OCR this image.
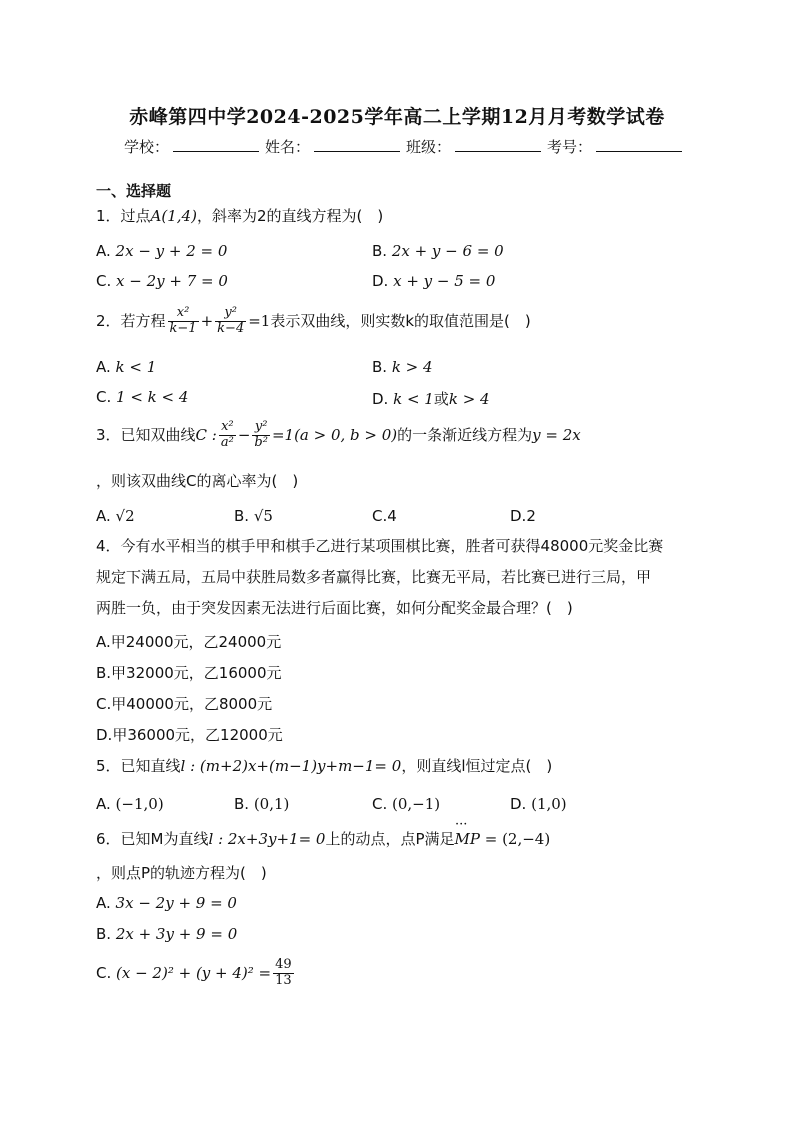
赤峰第四中学2024-2025学年高二上学期12月月考数学试卷
学校：	姓名：	班级：	考号：
一、选择题
1．过点A(1,4)，斜率为2的直线方程为(　)
A. 2x − y + 2 = 0	B. 2x + y − 6 = 0
C. x − 2y + 7 = 0	D. x + y − 5 = 0
2．若方程 $\frac{\text{x²}}{k-1} + \frac{\text{y²}}{k-4} =1$表示双曲线，则实数k的取值范围是(　)
A. k < 1	B. k > 4
C. 1 < k < 4	D. k < 1或k > 4
3．已知双曲线C : $\frac{\text{x²}}{\text{a²}} - \frac{\text{y²}}{\text{b²}} =1(a > 0$, b > 0)的一条渐近线方程为y = 2x
，则该双曲线C的离心率为(　)
A. √2	B. √5	C.4	D.2
4．今有水平相当的棋手甲和棋手乙进行某项围棋比赛，胜者可获得48000元奖金比赛
规定下满五局，五局中获胜局数多者赢得比赛，比赛无平局，若比赛已进行三局，甲
两胜一负，由于突发因素无法进行后面比赛，如何分配奖金最合理？(　)
A.甲24000元，乙24000元
B.甲32000元，乙16000元
C.甲40000元，乙8000元
D.甲36000元，乙12000元
5．已知直线l : (m+2)x+(m−1)y+m−1= 0，则直线l恒过定点(　)
A. (−1,0)	B. (0,1)	C. (0,−1)	D. (1,0)
6．已知M为直线l : 2x+3y+1= 0上的动点，点P满足··· MP = (2,−4)
，则点P的轨迹方程为(　)
A. 3x − 2y + 9 = 0
B. 2x + 3y + 9 = 0
C. $(x - 2)^2 + (y + 4)^2 = \frac{49}{13}$
